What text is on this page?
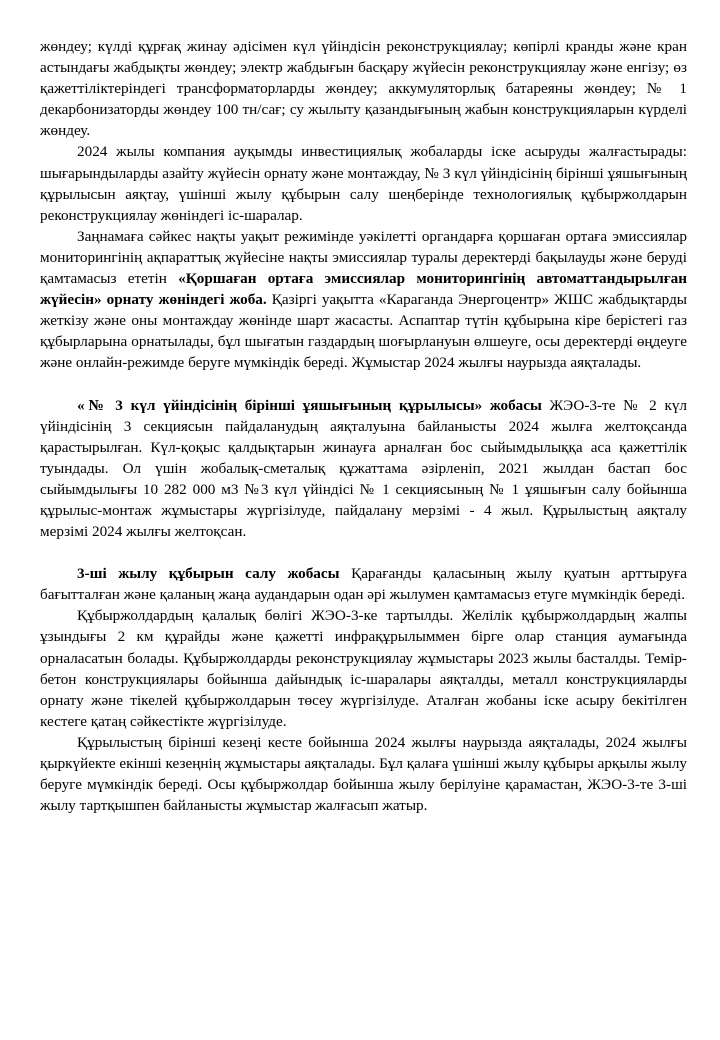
жөндеу; күлді құрғақ жинау әдісімен күл үйіндісін реконструкциялау; көпірлі кранды және кран астындағы жабдықты жөндеу; электр жабдығын басқару жүйесін реконструкциялау және енгізу; өз қажеттіліктеріндегі трансформаторларды жөндеу; аккумуляторлық батареяны жөндеу; № 1 декарбонизаторды жөндеу 100 тн/сағ; су жылыту қазандығының жабын конструкцияларын күрделі жөндеу.

2024 жылы компания ауқымды инвестициялық жобаларды іске асыруды жалғастырады: шығарындыларды азайту жүйесін орнату және монтаждау, № 3 күл үйіндісінің бірінші ұяшығының құрылысын аяқтау, үшінші жылу құбырын салу шеңберінде технологиялық құбыржолдарын реконструкциялау жөніндегі іс-шаралар.

Заңнамаға сәйкес нақты уақыт режимінде уәкілетті органдарға қоршаған ортаға эмиссиялар мониторингінің ақпараттық жүйесіне нақты эмиссиялар туралы деректерді бақылауды және беруді қамтамасыз ететін «Қоршаған ортаға эмиссиялар мониторингінің автоматтандырылған жүйесін» орнату жөніндегі жоба. Қазіргі уақытта «Караганда Энергоцентр» ЖШС жабдықтарды жеткізу және оны монтаждау жөнінде шарт жасасты. Аспаптар түтін құбырына кіре берістегі газ құбырларына орнатылады, бұл шығатын газдардың шоғырлануын өлшеуге, осы деректерді өңдеуге және онлайн-режимде беруге мүмкіндік береді. Жұмыстар 2024 жылғы наурызда аяқталады.

«№ 3 күл үйіндісінің бірінші ұяшығының құрылысы» жобасы ЖЭО-3-те № 2 күл үйіндісінің 3 секциясын пайдаланудың аяқталуына байланысты 2024 жылға желтоқсанда қарастырылған. Күл-қоқыс қалдықтарын жинауға арналған бос сыйымдылыққа аса қажеттілік туындады. Ол үшін жобалық-сметалық құжаттама әзірленіп, 2021 жылдан бастап бос сыйымдылығы 10 282 000 м3 №3 күл үйіндісі № 1 секциясының № 1 ұяшығын салу бойынша құрылыс-монтаж жұмыстары жүргізілуде, пайдалану мерзімі - 4 жыл. Құрылыстың аяқталу мерзімі 2024 жылғы желтоқсан.

3-ші жылу құбырын салу жобасы Қарағанды қаласының жылу қуатын арттыруға бағытталған және қаланың жаңа аудандарын одан әрі жылумен қамтамасыз етуге мүмкіндік береді.

Құбыржолдардың қалалық бөлігі ЖЭО-3-ке тартылды. Желілік құбыржолдардың жалпы ұзындығы 2 км құрайды және қажетті инфрақұрылыммен бірге олар станция аумағында орналасатын болады. Құбыржолдарды реконструкциялау жұмыстары 2023 жылы басталды. Темір-бетон конструкциялары бойынша дайындық іс-шаралары аяқталды, металл конструкцияларды орнату және тікелей құбыржолдарын төсеу жүргізілуде. Аталған жобаны іске асыру бекітілген кестеге қатаң сәйкестікте жүргізілуде.

Құрылыстың бірінші кезеңі кесте бойынша 2024 жылғы наурызда аяқталады, 2024 жылғы қыркүйекте екінші кезеңнің жұмыстары аяқталады. Бұл қалаға үшінші жылу құбыры арқылы жылу беруге мүмкіндік береді. Осы құбыржолдар бойынша жылу берілуіне қарамастан, ЖЭО-3-те 3-ші жылу тартқышпен байланысты жұмыстар жалғасып жатыр.
